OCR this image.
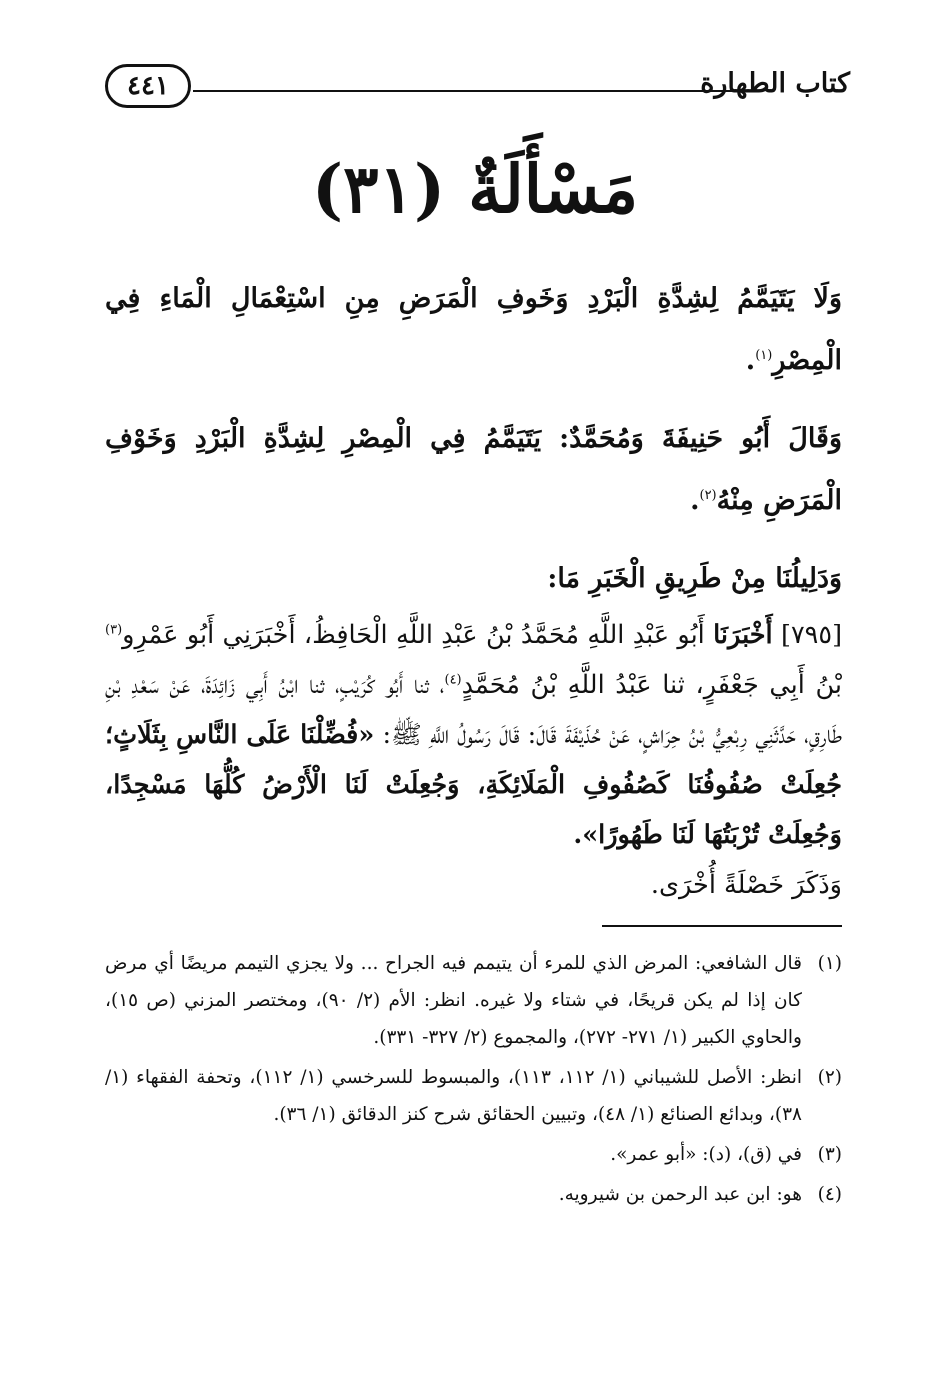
كتاب الطهارة
٤٤١
مَسْأَلَةٌ (٣١)

وَلَا يَتَيَمَّمُ لِشِدَّةِ الْبَرْدِ وَخَوفِ الْمَرَضِ مِنِ اسْتِعْمَالِ الْمَاءِ فِي الْمِصْرِ$^{(١)}$.

وَقَالَ أَبُو حَنِيفَةَ وَمُحَمَّدٌ: يَتَيَمَّمُ فِي الْمِصْرِ لِشِدَّةِ الْبَرْدِ وَخَوْفِ الْمَرَضِ مِنْهُ$^{(٢)}$.

وَدَلِيلُنَا مِنْ طَرِيقِ الْخَبَرِ مَا:

[٧٩٥] أَخْبَرَنَا أَبُو عَبْدِ اللَّهِ مُحَمَّدُ بْنُ عَبْدِ اللَّهِ الْحَافِظُ، أَخْبَرَنِي أَبُو عَمْرِو$^{(٣)}$ بْنُ أَبِي جَعْفَرٍ، ثنا عَبْدُ اللَّهِ بْنُ مُحَمَّدٍ$^{(٤)}$، ثنا أَبُو كُرَيْبٍ، ثنا ابْنُ أَبِي زَائِدَةَ، عَنْ سَعْدِ بْنِ طَارِقٍ، حَدَّثَنِي رِبْعِيُّ بْنُ حِرَاشٍ، عَنْ حُذَيْفَةَ قَالَ: قَالَ رَسُولُ اللَّهِ ﷺ: «فُضِّلْنَا عَلَى النَّاسِ بِثَلَاثٍ؛ جُعِلَتْ صُفُوفُنَا كَصُفُوفِ الْمَلَائِكَةِ، وَجُعِلَتْ لَنَا الْأَرْضُ كُلُّهَا مَسْجِدًا، وَجُعِلَتْ تُرْبَتُهَا لَنَا طَهُورًا».

وَذَكَرَ خَصْلَةً أُخْرَى.

(١)
قال الشافعي: المرض الذي للمرء أن يتيمم فيه الجراح ... ولا يجزي التيمم مريضًا أي مرض كان إذا لم يكن قريحًا، في شتاء ولا غيره. انظر: الأم (٢/ ٩٠)، ومختصر المزني (ص ١٥)، والحاوي الكبير (١/ ٢٧١- ٢٧٢)، والمجموع (٢/ ٣٢٧- ٣٣١).
(٢)
انظر: الأصل للشيباني (١/ ١١٢، ١١٣)، والمبسوط للسرخسي (١/ ١١٢)، وتحفة الفقهاء (١/ ٣٨)، وبدائع الصنائع (١/ ٤٨)، وتبيين الحقائق شرح كنز الدقائق (١/ ٣٦).
(٣)
في (ق)، (د): «أبو عمر».
(٤)
هو: ابن عبد الرحمن بن شيرويه.
